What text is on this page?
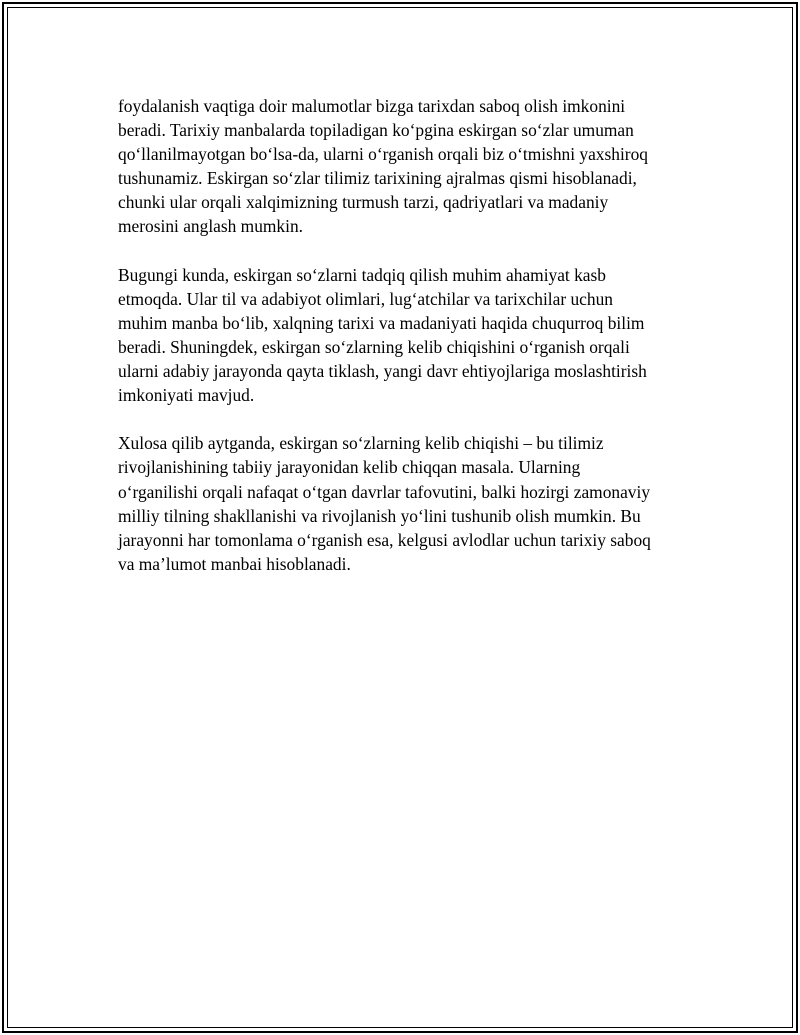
foydalanish vaqtiga doir malumotlar bizga tarixdan saboq olish imkonini
beradi. Tarixiy manbalarda topiladigan ko‘pgina eskirgan so‘zlar umuman
qo‘llanilmayotgan bo‘lsa-da, ularni o‘rganish orqali biz o‘tmishni yaxshiroq
tushunamiz. Eskirgan so‘zlar tilimiz tarixining ajralmas qismi hisoblanadi,
chunki ular orqali xalqimizning turmush tarzi, qadriyatlari va madaniy
merosini anglash mumkin.

Bugungi kunda, eskirgan so‘zlarni tadqiq qilish muhim ahamiyat kasb
etmoqda. Ular til va adabiyot olimlari, lug‘atchilar va tarixchilar uchun
muhim manba bo‘lib, xalqning tarixi va madaniyati haqida chuqurroq bilim
beradi. Shuningdek, eskirgan so‘zlarning kelib chiqishini o‘rganish orqali
ularni adabiy jarayonda qayta tiklash, yangi davr ehtiyojlariga moslashtirish
imkoniyati mavjud.

Xulosa qilib aytganda, eskirgan so‘zlarning kelib chiqishi – bu tilimiz
rivojlanishining tabiiy jarayonidan kelib chiqqan masala. Ularning
o‘rganilishi orqali nafaqat o‘tgan davrlar tafovutini, balki hozirgi zamonaviy
milliy tilning shakllanishi va rivojlanish yo‘lini tushunib olish mumkin. Bu
jarayonni har tomonlama o‘rganish esa, kelgusi avlodlar uchun tarixiy saboq
va ma’lumot manbai hisoblanadi.
